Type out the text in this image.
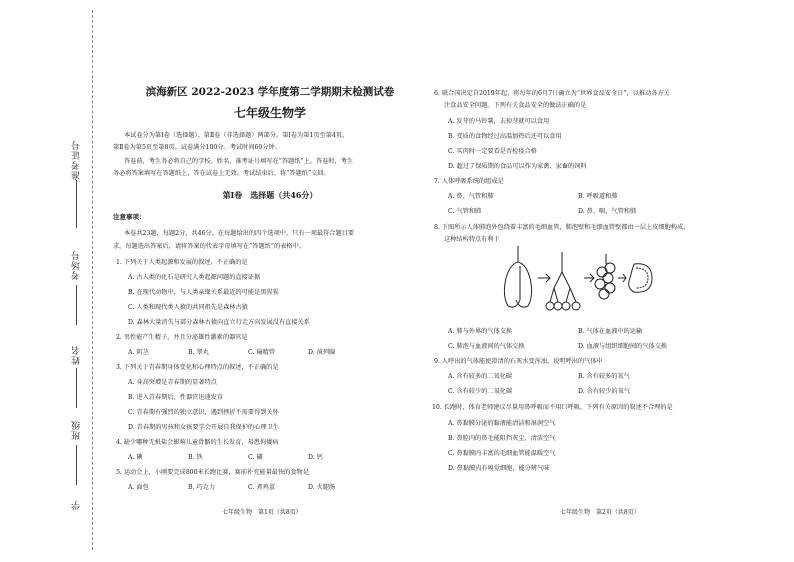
准考证号
考场号
姓名
班级
学
滨海新区 2022-2023 学年度第二学期期末检测试卷
七年级生物学
本试卷分为第Ⅰ卷（选择题）、第Ⅱ卷（非选择题）两部分。第Ⅰ卷为第1页至第4页，
第Ⅱ卷为第5页至第8页。试卷满分100分。考试时间60分钟。
答卷前，考生务必将自己的学校、姓名、准考证号填写在“答题纸”上。答卷时，考生
务必将答案填写在答题纸上，答在试卷上无效。考试结束后，将“答题纸”交回。
第Ⅰ卷　选择题（共46分）
注意事项：
本卷共23题，每题2分，共46分。在每题给出的四个选项中，只有一项最符合题目要
求。每题选出答案后，请将答案的代表字母填写在“答题纸”的表格中。
1. 下列关于人类起源和发展的叙述，不正确的是
A. 古人类的化石是研究人类起源问题的直接证据
B. 在现代动物中，与人类亲缘关系最近的可能是黑猩猩
C. 人类和现代类人猿的共同祖先是森林古猿
D. 森林大量消失与部分森林古猿向直立行走方向发展没有直接关系
2. 男性能产生精子，并且分泌雄性激素的器官是
A. 阴茎	B. 睾丸	C. 输精管	D. 前列腺
3. 下列关于青春期身体变化和心理特点的叙述，不正确的是
A. 身高突增是青春期的显著特点
B. 进入青春期后，性器官迅速发育
C. 青春期有强烈的独立意识，遇到挫折不需要得到关怀
D. 青春期的男孩和女孩要学会开展自我保护的心理卫生
4. 缺少哪种无机盐会影响儿童骨骼的生长发育，易患佝偻病
A. 碘	B. 铁	C. 磷	D. 钙
5. 运动会上，小刚要完成800米长跑比赛，赛前补充能量最快的食物是
A. 面包	B. 巧克力	C. 煮鸡蛋	D. 火腿肠
七年级生物　第1页（共8页）
6. 联合国决定自2019年起，将每年的6月7日确立为“世界食品安全日”，以推动各方关
注食品安全问题。下列有关食品安全的做法正确的是
A. 发芽的马铃薯，去掉芽就可以食用
B. 变质的食物经过高温加热后还可以食用
C. 买肉时一定要看是否检疫合格
D. 超过了保质期的食品可以作为家禽、家畜的饲料
7. 人体呼吸系统的组成是
A. 鼻、气管和肺	B. 呼吸道和肺
C. 气管和肺	D. 鼻、咽、气管和肺
8. 下图所示人体肺泡外包绕着丰富的毛细血管，肺泡壁和毛细血管壁都由一层上皮细胞构成，
这种结构特点有利于
A. 肺与外界的气体交换	B. 气体在血液中的运输
C. 肺泡与血液间的气体交换	D. 血液与组织细胞间的气体交换
9. 人呼出的气体能使澄清的石灰水变浑浊，说明呼出的气体中
A. 含有较多的二氧化碳	B. 含有较多的氧气
C. 含有较少的二氧化碳	D. 含有较少的氧气
10. 长跑时，体育老师建议尽量用鼻呼吸而不用口呼吸，下列有关原因的叙述不合理的是
A. 鼻黏膜分泌的黏液能清洁和湿润空气
B. 鼻腔内的鼻毛能阻挡灰尘，清洁空气
C. 鼻黏膜内丰富的毛细血管能温暖空气
D. 鼻黏膜内有嗅觉细胞，能分辨气味
七年级生物　第2页（共8页）
